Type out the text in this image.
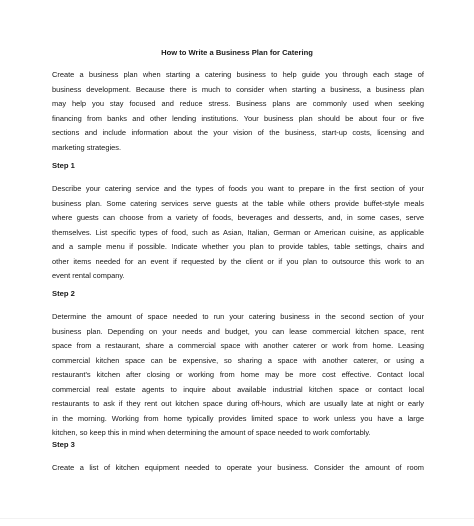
How to Write a Business Plan for Catering
Create a business plan when starting a catering business to help guide you through each stage of
business development. Because there is much to consider when starting a business, a business plan
may help you stay focused and reduce stress. Business plans are commonly used when seeking
financing from banks and other lending institutions. Your business plan should be about four or five
sections and include information about the your vision of the business, start-up costs, licensing and
marketing strategies.
Step 1
Describe your catering service and the types of foods you want to prepare in the first section of your
business plan. Some catering services serve guests at the table while others provide buffet-style meals
where guests can choose from a variety of foods, beverages and desserts, and, in some cases, serve
themselves. List specific types of food, such as Asian, Italian, German or American cuisine, as applicable
and a sample menu if possible. Indicate whether you plan to provide tables, table settings, chairs and
other items needed for an event if requested by the client or if you plan to outsource this work to an
event rental company.
Step 2
Determine the amount of space needed to run your catering business in the second section of your
business plan. Depending on your needs and budget, you can lease commercial kitchen space, rent
space from a restaurant, share a commercial space with another caterer or work from home. Leasing
commercial kitchen space can be expensive, so sharing a space with another caterer, or using a
restaurant's kitchen after closing or working from home may be more cost effective. Contact local
commercial real estate agents to inquire about available industrial kitchen space or contact local
restaurants to ask if they rent out kitchen space during off-hours, which are usually late at night or early
in the morning. Working from home typically provides limited space to work unless you have a large
kitchen, so keep this in mind when determining the amount of space needed to work comfortably.
Step 3
Create a list of kitchen equipment needed to operate your business. Consider the amount of room
